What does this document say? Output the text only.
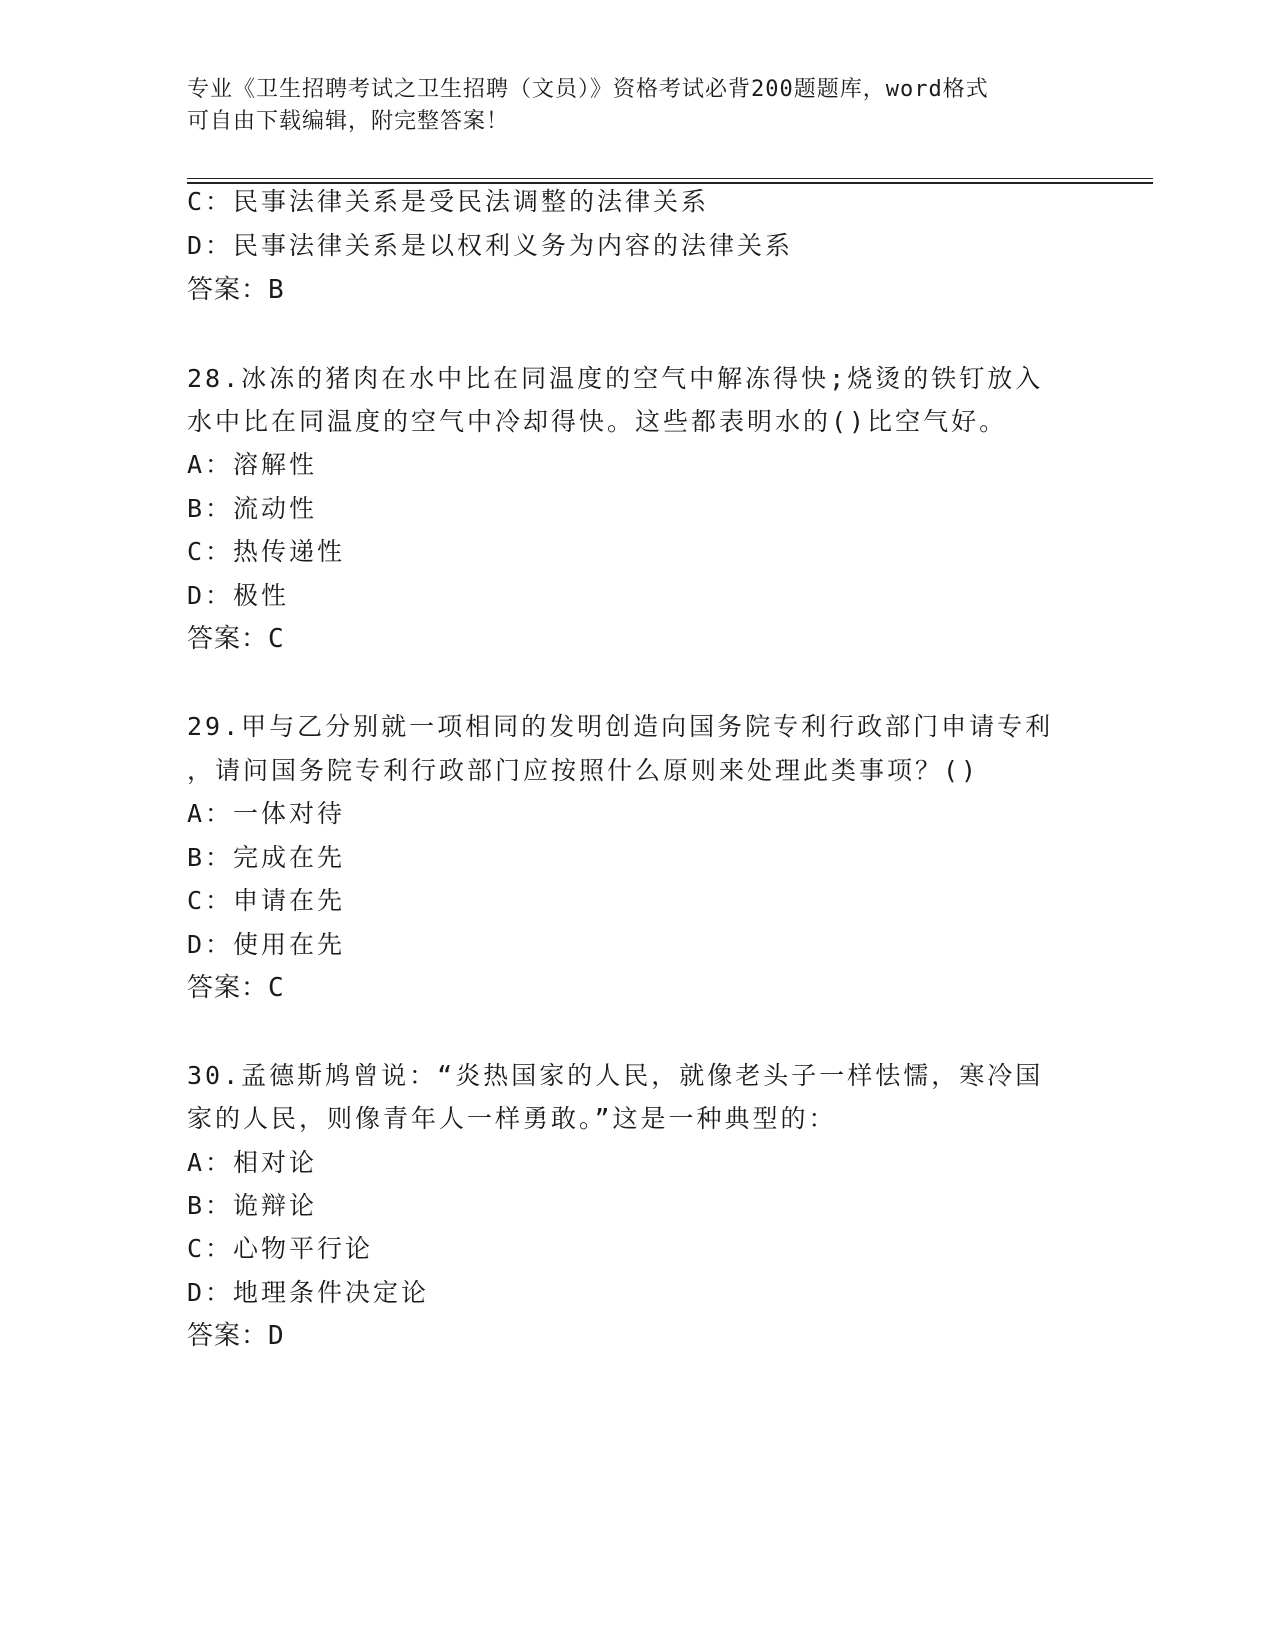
专业《卫生招聘考试之卫生招聘（文员）》资格考试必背200题题库，word格式
可自由下载编辑，附完整答案！
C：民事法律关系是受民法调整的法律关系
D：民事法律关系是以权利义务为内容的法律关系
答案：B
28.冰冻的猪肉在水中比在同温度的空气中解冻得快;烧烫的铁钉放入
水中比在同温度的空气中冷却得快。这些都表明水的()比空气好。
A：溶解性
B：流动性
C：热传递性
D：极性
答案：C
29.甲与乙分别就一项相同的发明创造向国务院专利行政部门申请专利
，请问国务院专利行政部门应按照什么原则来处理此类事项？()
A：一体对待
B：完成在先
C：申请在先
D：使用在先
答案：C
30.孟德斯鸠曾说：“炎热国家的人民，就像老头子一样怯懦，寒冷国
家的人民，则像青年人一样勇敢。”这是一种典型的：
A：相对论
B：诡辩论
C：心物平行论
D：地理条件决定论
答案：D
